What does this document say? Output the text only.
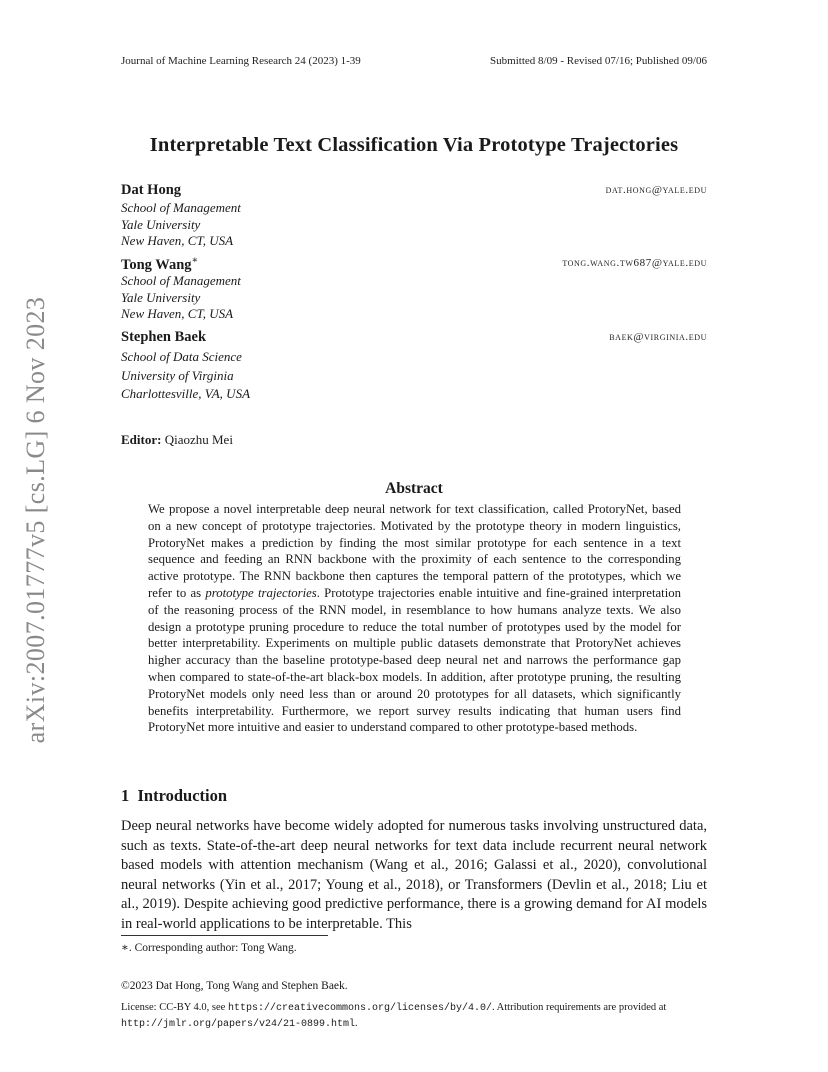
Journal of Machine Learning Research 24 (2023) 1-39	Submitted 8/09 - Revised 07/16; Published 09/06
arXiv:2007.01777v5 [cs.LG] 6 Nov 2023
Interpretable Text Classification Via Prototype Trajectories
Dat Hong	dat.hong@yale.edu
School of Management
Yale University
New Haven, CT, USA
Tong Wang∗	tong.wang.tw687@yale.edu
School of Management
Yale University
New Haven, CT, USA
Stephen Baek	baek@virginia.edu
School of Data Science
University of Virginia
Charlottesville, VA, USA
Editor: Qiaozhu Mei
Abstract
We propose a novel interpretable deep neural network for text classification, called ProtoryNet, based on a new concept of prototype trajectories. Motivated by the prototype theory in modern linguistics, ProtoryNet makes a prediction by finding the most similar prototype for each sentence in a text sequence and feeding an RNN backbone with the proximity of each sentence to the corresponding active prototype. The RNN backbone then captures the temporal pattern of the prototypes, which we refer to as prototype trajectories. Prototype trajectories enable intuitive and fine-grained interpretation of the reasoning process of the RNN model, in resemblance to how humans analyze texts. We also design a prototype pruning procedure to reduce the total number of prototypes used by the model for better interpretability. Experiments on multiple public datasets demonstrate that ProtoryNet achieves higher accuracy than the baseline prototype-based deep neural net and narrows the performance gap when compared to state-of-the-art black-box models. In addition, after prototype pruning, the resulting ProtoryNet models only need less than or around 20 prototypes for all datasets, which significantly benefits interpretability. Furthermore, we report survey results indicating that human users find ProtoryNet more intuitive and easier to understand compared to other prototype-based methods.
1  Introduction
Deep neural networks have become widely adopted for numerous tasks involving unstructured data, such as texts. State-of-the-art deep neural networks for text data include recurrent neural network based models with attention mechanism (Wang et al., 2016; Galassi et al., 2020), convolutional neural networks (Yin et al., 2017; Young et al., 2018), or Transformers (Devlin et al., 2018; Liu et al., 2019). Despite achieving good predictive performance, there is a growing demand for AI models in real-world applications to be interpretable. This
∗. Corresponding author: Tong Wang.
©2023 Dat Hong, Tong Wang and Stephen Baek.
License: CC-BY 4.0, see https://creativecommons.org/licenses/by/4.0/. Attribution requirements are provided at
http://jmlr.org/papers/v24/21-0899.html.
